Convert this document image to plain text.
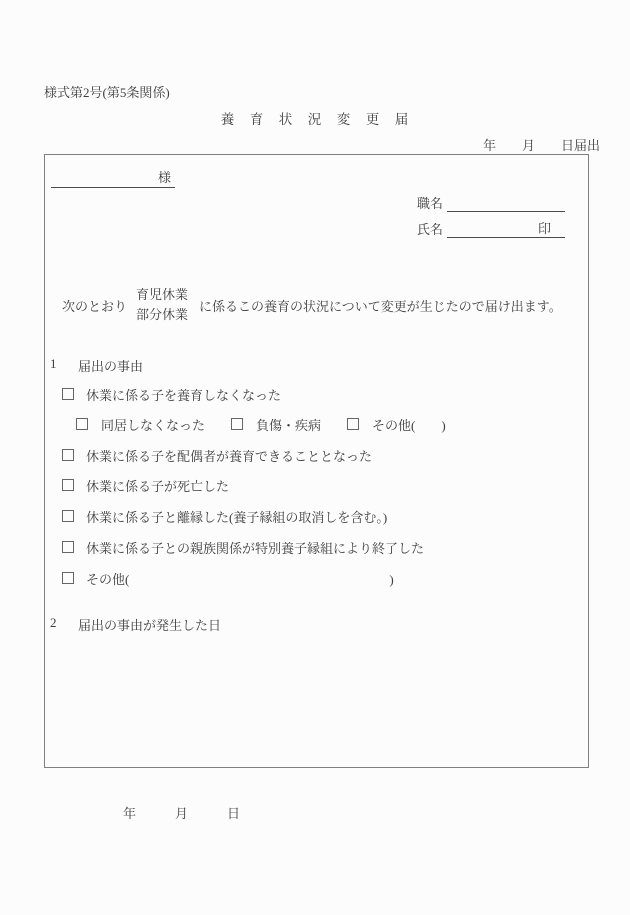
様式第2号(第5条関係)
養　育　状　況　変　更　届
年　　月　　日届出
様
職名
氏名	印
次のとおり
育児休業
部分休業
に係るこの養育の状況について変更が生じたので届け出ます。
1	届出の事由
休業に係る子を養育しなくなった
同居しなくなった	負傷・疾病	その他(　　)
休業に係る子を配偶者が養育できることとなった
休業に係る子が死亡した
休業に係る子と離縁した(養子縁組の取消しを含む。)
休業に係る子との親族関係が特別養子縁組により終了した
その他(　　　　　　　　　　　　　　　　　　　　)
2	届出の事由が発生した日
年　　　月　　　日
